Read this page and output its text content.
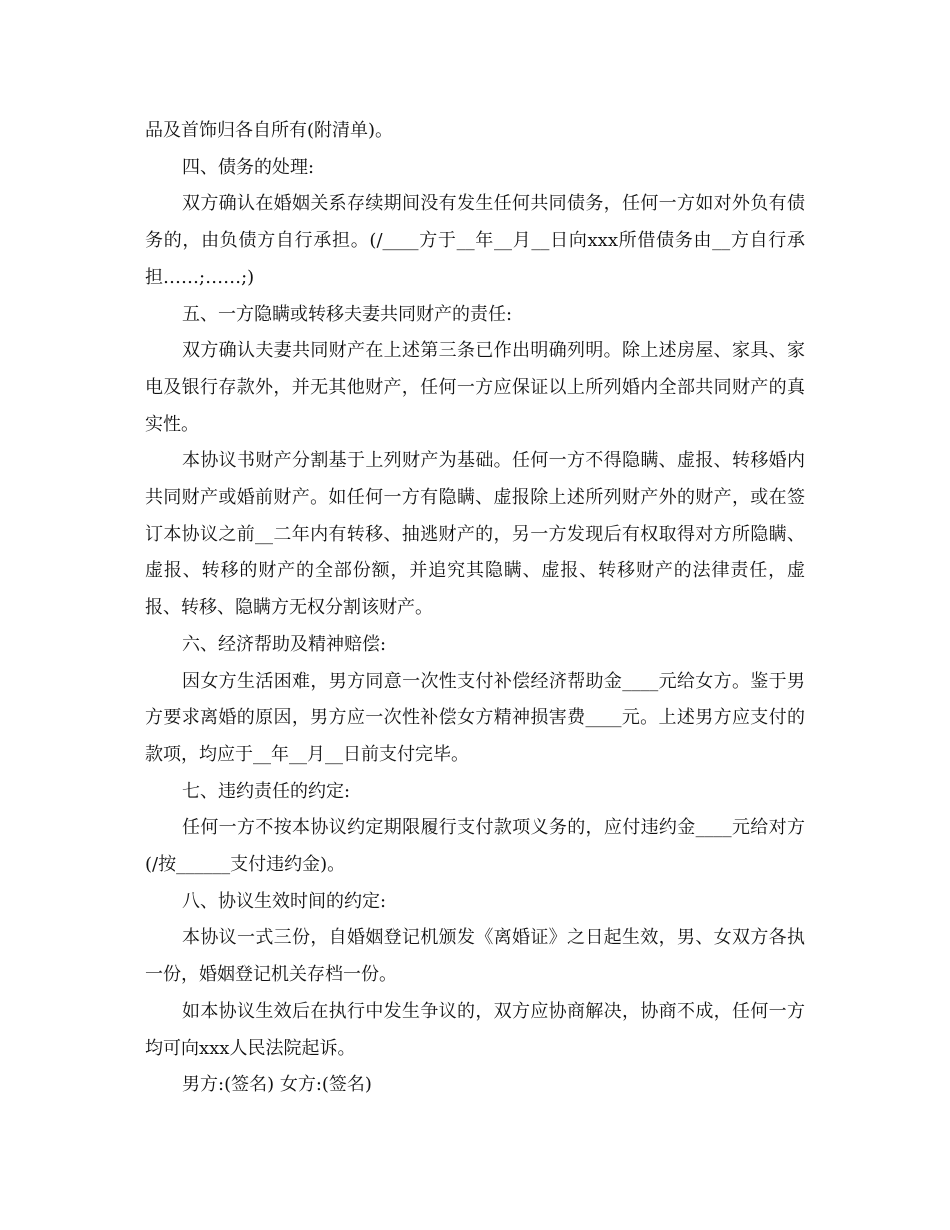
品及首饰归各自所有(附清单)。

四、债务的处理:

双方确认在婚姻关系存续期间没有发生任何共同债务，任何一方如对外负有债务的，由负债方自行承担。(/____方于__年__月__日向xxx所借债务由__方自行承担……;……;)

五、一方隐瞒或转移夫妻共同财产的责任:

双方确认夫妻共同财产在上述第三条已作出明确列明。除上述房屋、家具、家电及银行存款外，并无其他财产，任何一方应保证以上所列婚内全部共同财产的真实性。

本协议书财产分割基于上列财产为基础。任何一方不得隐瞒、虚报、转移婚内共同财产或婚前财产。如任何一方有隐瞒、虚报除上述所列财产外的财产，或在签订本协议之前__二年内有转移、抽逃财产的，另一方发现后有权取得对方所隐瞒、虚报、转移的财产的全部份额，并追究其隐瞒、虚报、转移财产的法律责任，虚报、转移、隐瞒方无权分割该财产。

六、经济帮助及精神赔偿:

因女方生活困难，男方同意一次性支付补偿经济帮助金____元给女方。鉴于男方要求离婚的原因，男方应一次性补偿女方精神损害费____元。上述男方应支付的款项，均应于__年__月__日前支付完毕。

七、违约责任的约定:

任何一方不按本协议约定期限履行支付款项义务的，应付违约金____元给对方(/按______支付违约金)。

八、协议生效时间的约定:

本协议一式三份，自婚姻登记机颁发《离婚证》之日起生效，男、女双方各执一份，婚姻登记机关存档一份。

如本协议生效后在执行中发生争议的，双方应协商解决，协商不成，任何一方均可向xxx人民法院起诉。

男方:(签名) 女方:(签名)
